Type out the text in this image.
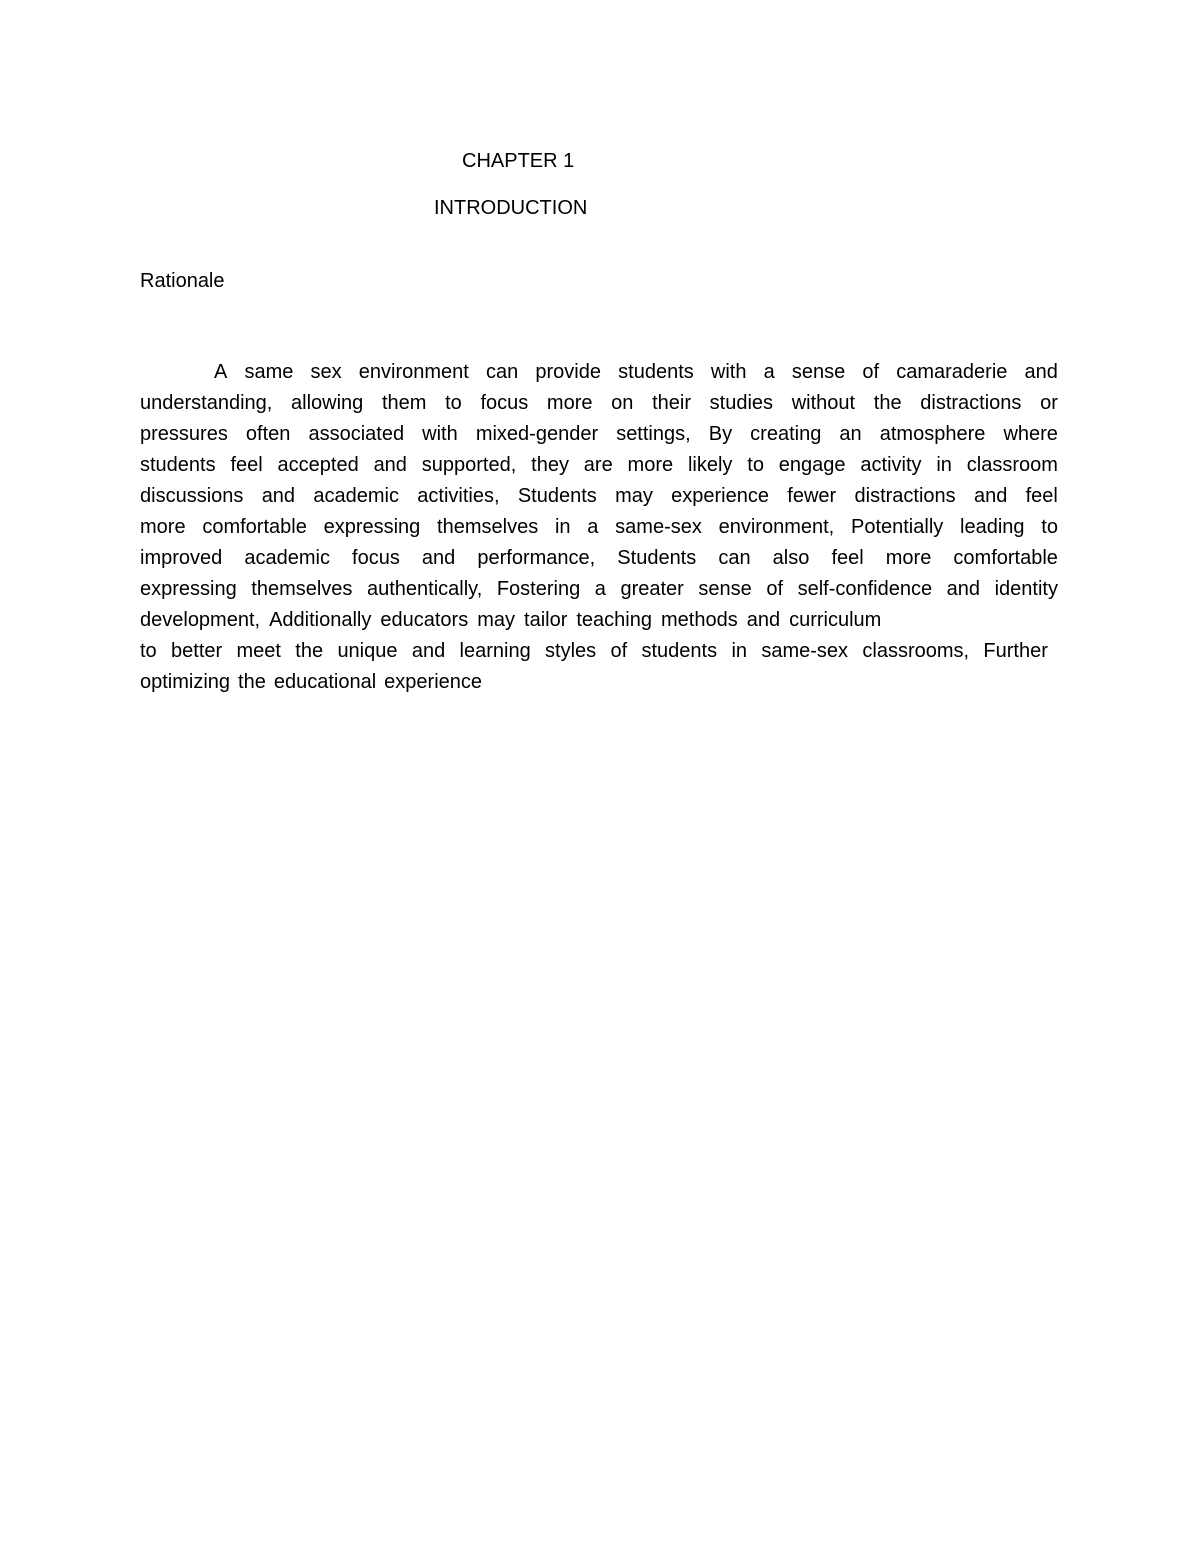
CHAPTER 1
INTRODUCTION
Rationale
A same sex environment can provide students with a sense of camaraderie and
understanding, allowing them to focus more on their studies without the distractions or
pressures often associated with mixed-gender settings, By creating an atmosphere where
students feel accepted and supported, they are more likely to engage activity in classroom
discussions and academic activities, Students may experience fewer distractions and feel
more comfortable expressing themselves in a same-sex environment, Potentially leading to
improved academic focus and performance, Students can also feel more comfortable
expressing themselves authentically, Fostering a greater sense of self-confidence and identity
development, Additionally educators may tailor teaching methods and curriculum
to better meet the unique and learning styles of students in same-sex classrooms, Further
optimizing the educational experience
